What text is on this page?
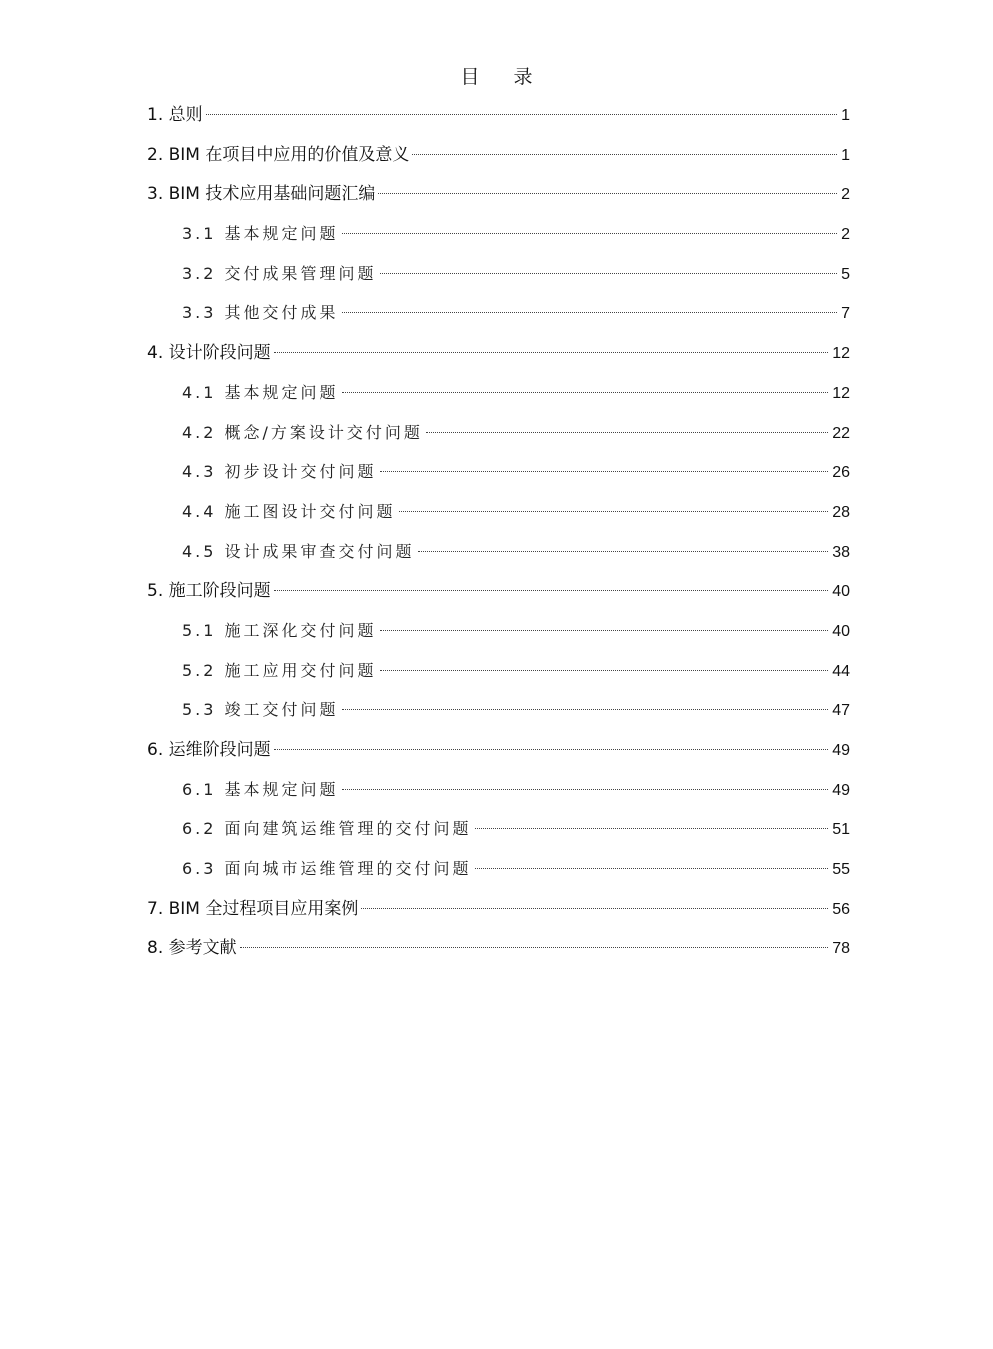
目 录
1. 总则	1
2. BIM 在项目中应用的价值及意义	1
3. BIM 技术应用基础问题汇编	2
3.1 基本规定问题	2
3.2 交付成果管理问题	5
3.3 其他交付成果	7
4. 设计阶段问题	12
4.1 基本规定问题	12
4.2 概念/方案设计交付问题	22
4.3 初步设计交付问题	26
4.4 施工图设计交付问题	28
4.5 设计成果审查交付问题	38
5. 施工阶段问题	40
5.1 施工深化交付问题	40
5.2 施工应用交付问题	44
5.3 竣工交付问题	47
6. 运维阶段问题	49
6.1 基本规定问题	49
6.2 面向建筑运维管理的交付问题	51
6.3 面向城市运维管理的交付问题	55
7. BIM 全过程项目应用案例	56
8. 参考文献	78
